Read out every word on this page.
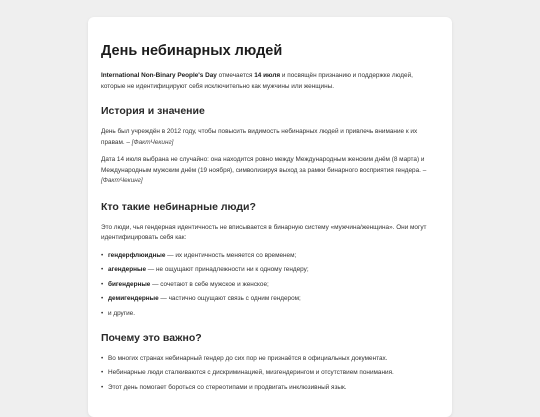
День небинарных людей

International Non-Binary People's Day отмечается 14 июля и посвящён признанию и поддержке людей, которые не идентифицируют себя исключительно как мужчины или женщины.

История и значение

День был учреждён в 2012 году, чтобы повысить видимость небинарных людей и привлечь внимание к их правам. – [ФактЧекинг]

Дата 14 июля выбрана не случайно: она находится ровно между Международным женским днём (8 марта) и Международным мужским днём (19 ноября), символизируя выход за рамки бинарного восприятия гендера. – [ФактЧекинг]

Кто такие небинарные люди?

Это люди, чья гендерная идентичность не вписывается в бинарную систему «мужчина/женщина». Они могут идентифицировать себя как:

• гендерфлюидные — их идентичность меняется со временем;
• агендерные — не ощущают принадлежности ни к одному гендеру;
• бигендерные — сочетают в себе мужское и женское;
• демигендерные — частично ощущают связь с одним гендером;
• и другие.
Почему это важно?
• Во многих странах небинарный гендер до сих пор не признаётся в официальных документах.
• Небинарные люди сталкиваются с дискриминацией, мизгендерингом и отсутствием понимания.
• Этот день помогает бороться со стереотипами и продвигать инклюзивный язык.
